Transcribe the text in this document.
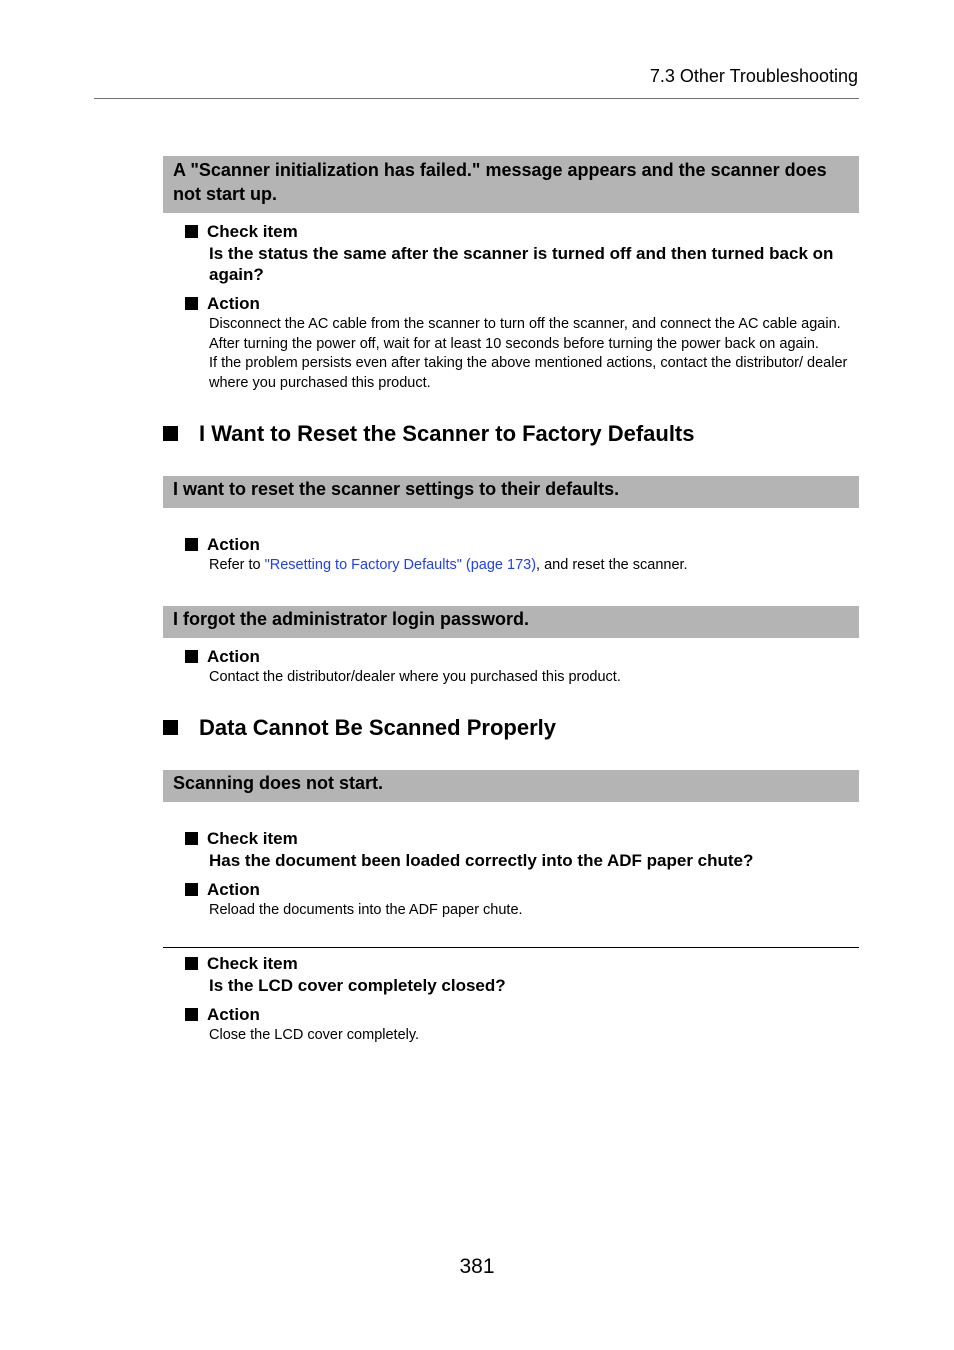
7.3 Other Troubleshooting
A "Scanner initialization has failed." message appears and the scanner does not start up.
Check item
Is the status the same after the scanner is turned off and then turned back on again?
Action
Disconnect the AC cable from the scanner to turn off the scanner, and connect the AC cable again. After turning the power off, wait for at least 10 seconds before turning the power back on again.
If the problem persists even after taking the above mentioned actions, contact the distributor/ dealer where you purchased this product.
I Want to Reset the Scanner to Factory Defaults
I want to reset the scanner settings to their defaults.
Action
Refer to "Resetting to Factory Defaults" (page 173), and reset the scanner.
I forgot the administrator login password.
Action
Contact the distributor/dealer where you purchased this product.
Data Cannot Be Scanned Properly
Scanning does not start.
Check item
Has the document been loaded correctly into the ADF paper chute?
Action
Reload the documents into the ADF paper chute.
Check item
Is the LCD cover completely closed?
Action
Close the LCD cover completely.
381
